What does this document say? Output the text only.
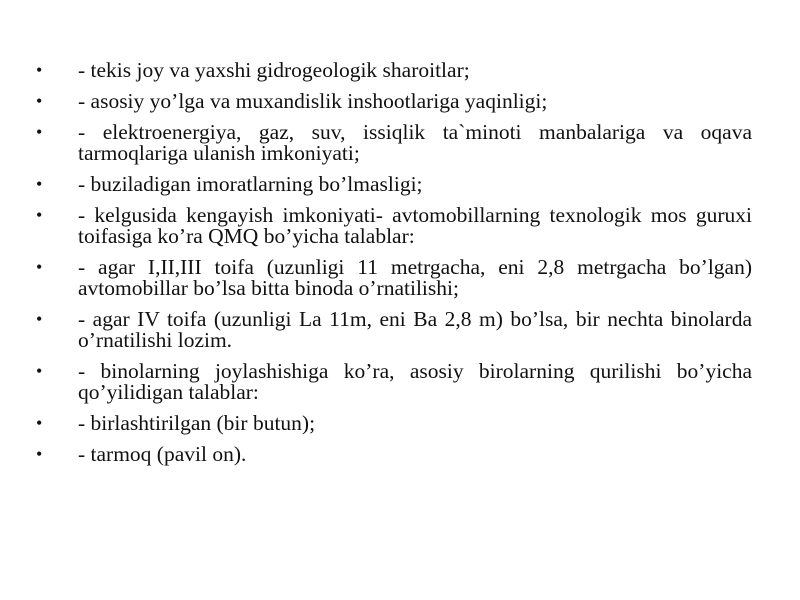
•	- tekis joy va yaxshi gidrogeologik sharoitlar;
•	- asosiy yo’lga va muxandislik inshootlariga yaqinligi;
•	- elektroenergiya, gaz, suv, issiqlik ta`minoti manbalariga va oqava tarmoqlariga ulanish imkoniyati;
•	- buziladigan imoratlarning bo’lmasligi;
•	- kelgusida kengayish imkoniyati- avtomobillarning texnologik mos guruxi toifasiga ko’ra QMQ bo’yicha talablar:
•	- agar I,II,III toifa (uzunligi 11 metrgacha, eni 2,8 metrgacha bo’lgan) avtomobillar bo’lsa bitta binoda o’rnatilishi;
•	- agar IV toifa (uzunligi La 11m, eni Ba 2,8 m) bo’lsa, bir nechta binolarda o’rnatilishi lozim.
•	- binolarning joylashishiga ko’ra, asosiy birolarning qurilishi bo’yicha qo’yilidigan talablar:
•	- birlashtirilgan (bir butun);
•	- tarmoq (pavil on).
